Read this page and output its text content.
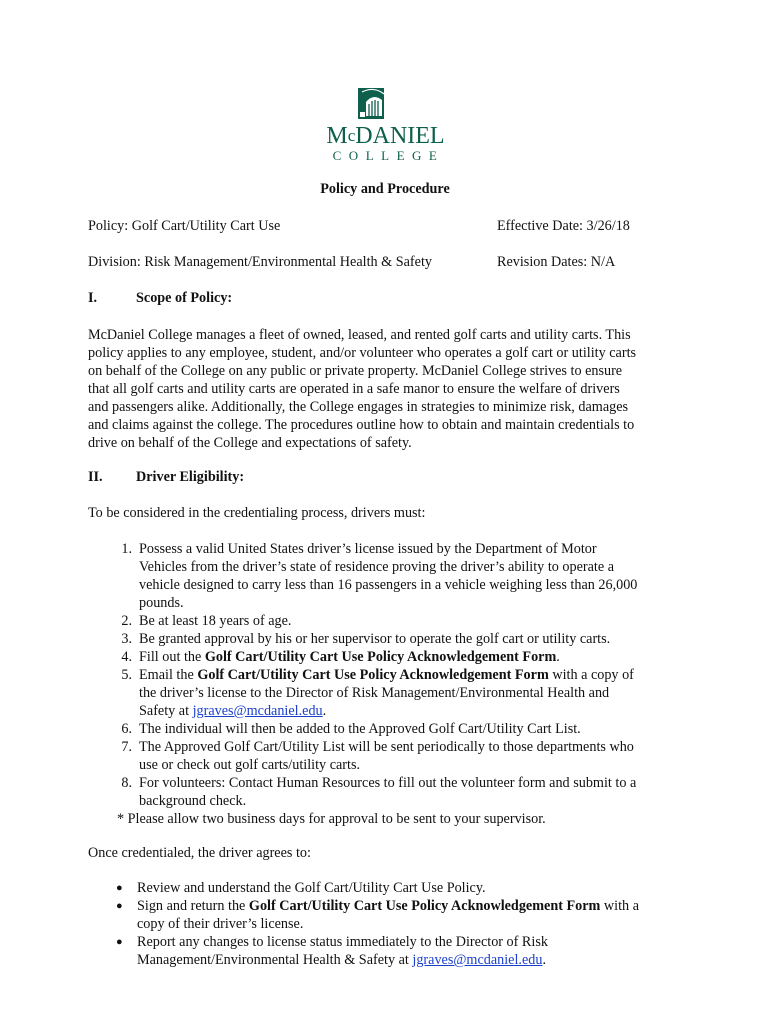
$M^cDANIEL$
COLLEGE
Policy and Procedure
Policy: Golf Cart/Utility Cart Use	Effective Date: 3/26/18
Division: Risk Management/Environmental Health & Safety	Revision Dates: N/A
I.	Scope of Policy:
McDaniel College manages a fleet of owned, leased, and rented golf carts and utility carts. This
policy applies to any employee, student, and/or volunteer who operates a golf cart or utility carts
on behalf of the College on any public or private property. McDaniel College strives to ensure
that all golf carts and utility carts are operated in a safe manor to ensure the welfare of drivers
and passengers alike. Additionally, the College engages in strategies to minimize risk, damages
and claims against the college. The procedures outline how to obtain and maintain credentials to
drive on behalf of the College and expectations of safety.
II. Driver Eligibility:
To be considered in the credentialing process, drivers must:
1. Possess a valid United States driver’s license issued by the Department of Motor
Vehicles from the driver’s state of residence proving the driver’s ability to operate a
vehicle designed to carry less than 16 passengers in a vehicle weighing less than 26,000
pounds.
2. Be at least 18 years of age.
3. Be granted approval by his or her supervisor to operate the golf cart or utility carts.
4. Fill out the Golf Cart/Utility Cart Use Policy Acknowledgement Form.
5. Email the Golf Cart/Utility Cart Use Policy Acknowledgement Form with a copy of
the driver’s license to the Director of Risk Management/Environmental Health and
Safety at jgraves@mcdaniel.edu.
6. The individual will then be added to the Approved Golf Cart/Utility Cart List.
7. The Approved Golf Cart/Utility List will be sent periodically to those departments who
use or check out golf carts/utility carts.
8. For volunteers: Contact Human Resources to fill out the volunteer form and submit to a
background check.
* Please allow two business days for approval to be sent to your supervisor.
Once credentialed, the driver agrees to:
● Review and understand the Golf Cart/Utility Cart Use Policy.
● Sign and return the Golf Cart/Utility Cart Use Policy Acknowledgement Form with a
copy of their driver’s license.
● Report any changes to license status immediately to the Director of Risk
Management/Environmental Health & Safety at jgraves@mcdaniel.edu.
